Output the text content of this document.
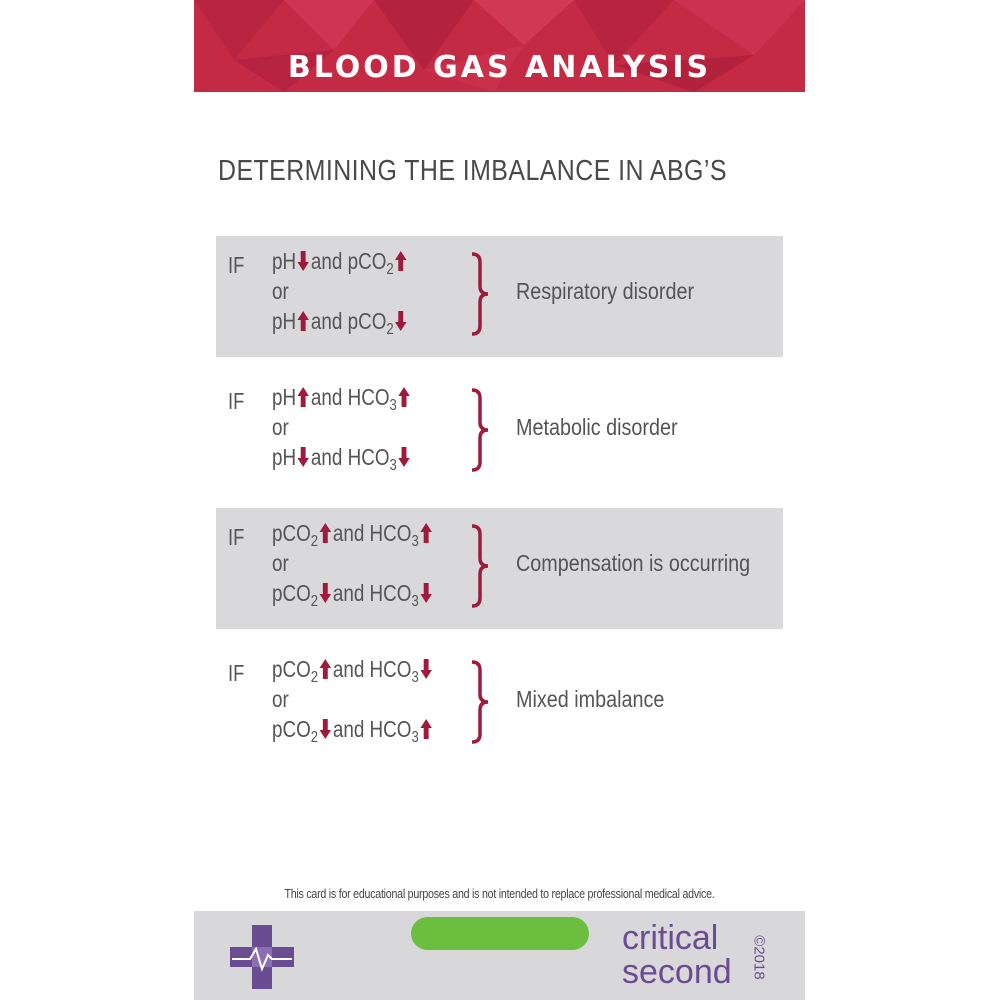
BLOOD GAS ANALYSIS
DETERMINING THE IMBALANCE IN ABG’S
IF pH and pCO$_2$
or
pH and pCO$_2$
Respiratory disorder
IF pH and $HCO_3$
or
pH and $HCO_3$
Metabolic disorder
IF pCO$_2$ and $HCO_3$
or
pCO$_2$ and $HCO_3$
Compensation is occurring
IF pCO$_2$ and $HCO_3$
or
pCO$_2$ and $HCO_3$
Mixed imbalance
This card is for educational purposes and is not intended to replace professional medical advice.
critical
second ©2018
